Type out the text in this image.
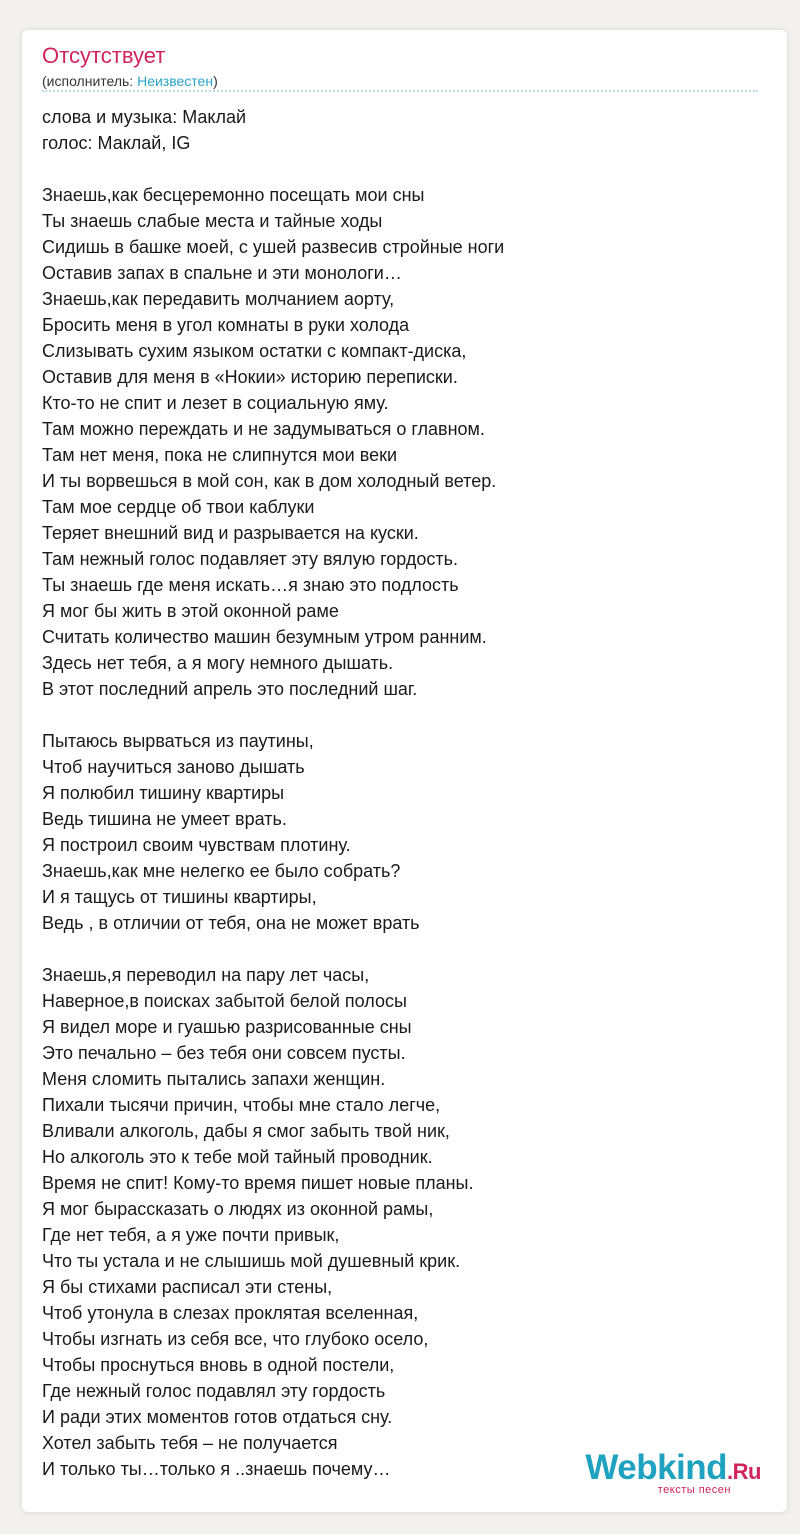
Отсутствует
(исполнитель: Неизвестен)
слова и музыка: Маклай
голос: Маклай, IG
Знаешь,как бесцеремонно посещать мои сны
Ты знаешь слабые места и тайные ходы
Сидишь в башке моей, с ушей развесив стройные ноги
Оставив запах в спальне и эти монологи…
Знаешь,как передавить молчанием аорту,
Бросить меня в угол комнаты в руки холода
Слизывать сухим языком остатки с компакт-диска,
Оставив для меня в «Нокии» историю переписки.
Кто-то не спит и лезет в социальную яму.
Там можно переждать и не задумываться о главном.
Там нет меня, пока не слипнутся мои веки
И ты ворвешься в мой сон, как в дом холодный ветер.
Там мое сердце об твои каблуки
Теряет внешний вид и разрывается на куски.
Там нежный голос подавляет эту вялую гордость.
Ты знаешь где меня искать…я знаю это подлость
Я мог бы жить в этой оконной раме
Считать количество машин безумным утром ранним.
Здесь нет тебя, а я могу немного дышать.
В этот последний апрель это последний шаг.
Пытаюсь вырваться из паутины,
Чтоб научиться заново дышать
Я полюбил тишину квартиры
Ведь тишина не умеет врать.
Я построил своим чувствам плотину.
Знаешь,как мне нелегко ее было собрать?
И я тащусь от тишины квартиры,
Ведь , в отличии от тебя, она не может врать
Знаешь,я переводил на пару лет часы,
Наверное,в поисках забытой белой полосы
Я видел море и гуашью разрисованные сны
Это печально – без тебя они совсем пусты.
Меня сломить пытались запахи женщин.
Пихали тысячи причин, чтобы мне стало легче,
Вливали алкоголь, дабы я смог забыть твой ник,
Но алкоголь это к тебе мой тайный проводник.
Время не спит! Кому-то время пишет новые планы.
Я мог бырассказать о людях из оконной рамы,
Где нет тебя, а я уже почти привык,
Что ты устала и не слышишь мой душевный крик.
Я бы стихами расписал эти стены,
Чтоб утонула в слезах проклятая вселенная,
Чтобы изгнать из себя все, что глубоко осело,
Чтобы проснуться вновь в одной постели,
Где нежный голос подавлял эту гордость
И ради этих моментов готов отдаться сну.
Хотел забыть тебя – не получается
И только ты…только я ..знаешь почему…	Webkind.Ru
тексты песен
